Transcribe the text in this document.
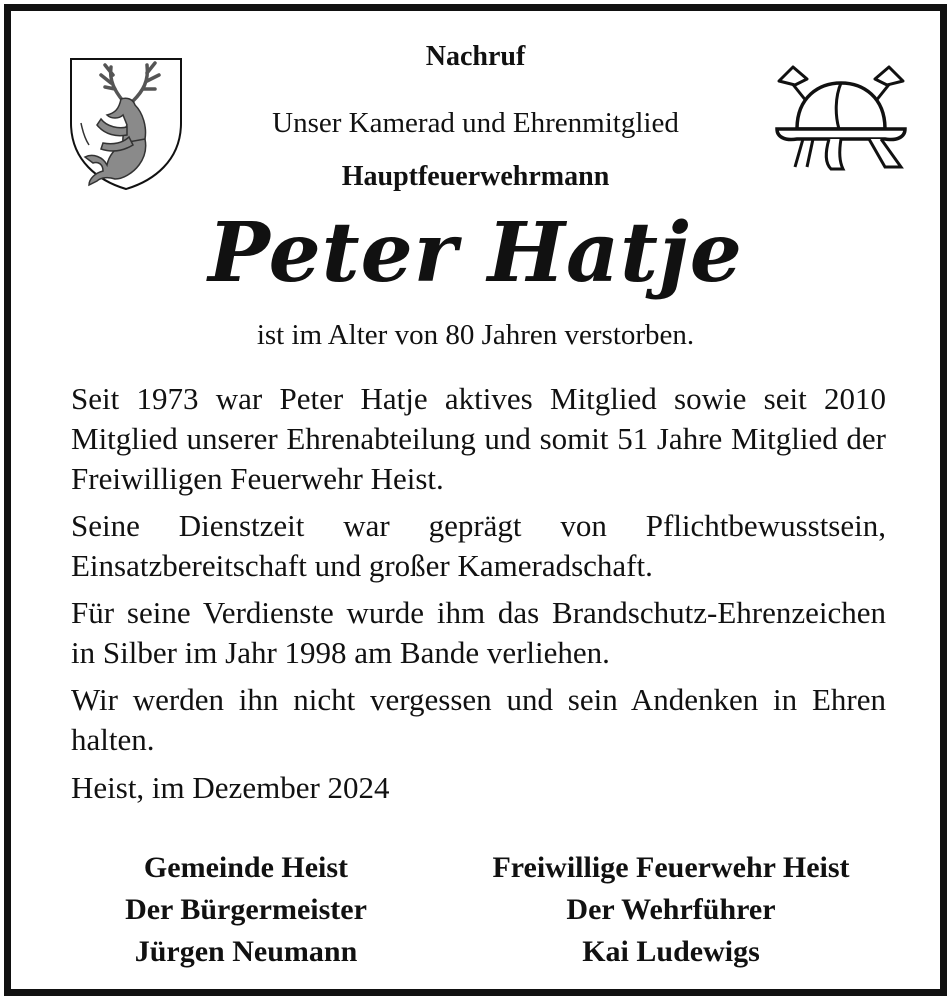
Nachruf
Unser Kamerad und Ehrenmitglied
Hauptfeuerwehrmann
Peter Hatje
ist im Alter von 80 Jahren verstorben.

Seit 1973 war Peter Hatje aktives Mitglied sowie seit 2010 Mitglied unserer Ehrenabteilung und somit 51 Jahre Mitglied der Freiwilligen Feuerwehr Heist.

Seine Dienstzeit war geprägt von Pflichtbewusstsein, Einsatzbereitschaft und großer Kameradschaft.

Für seine Verdienste wurde ihm das Brandschutz-Ehrenzeichen in Silber im Jahr 1998 am Bande verliehen.

Wir werden ihn nicht vergessen und sein Andenken in Ehren halten.

Heist, im Dezember 2024
Gemeinde Heist
Der Bürgermeister
Jürgen Neumann
Freiwillige Feuerwehr Heist
Der Wehrführer
Kai Ludewigs
